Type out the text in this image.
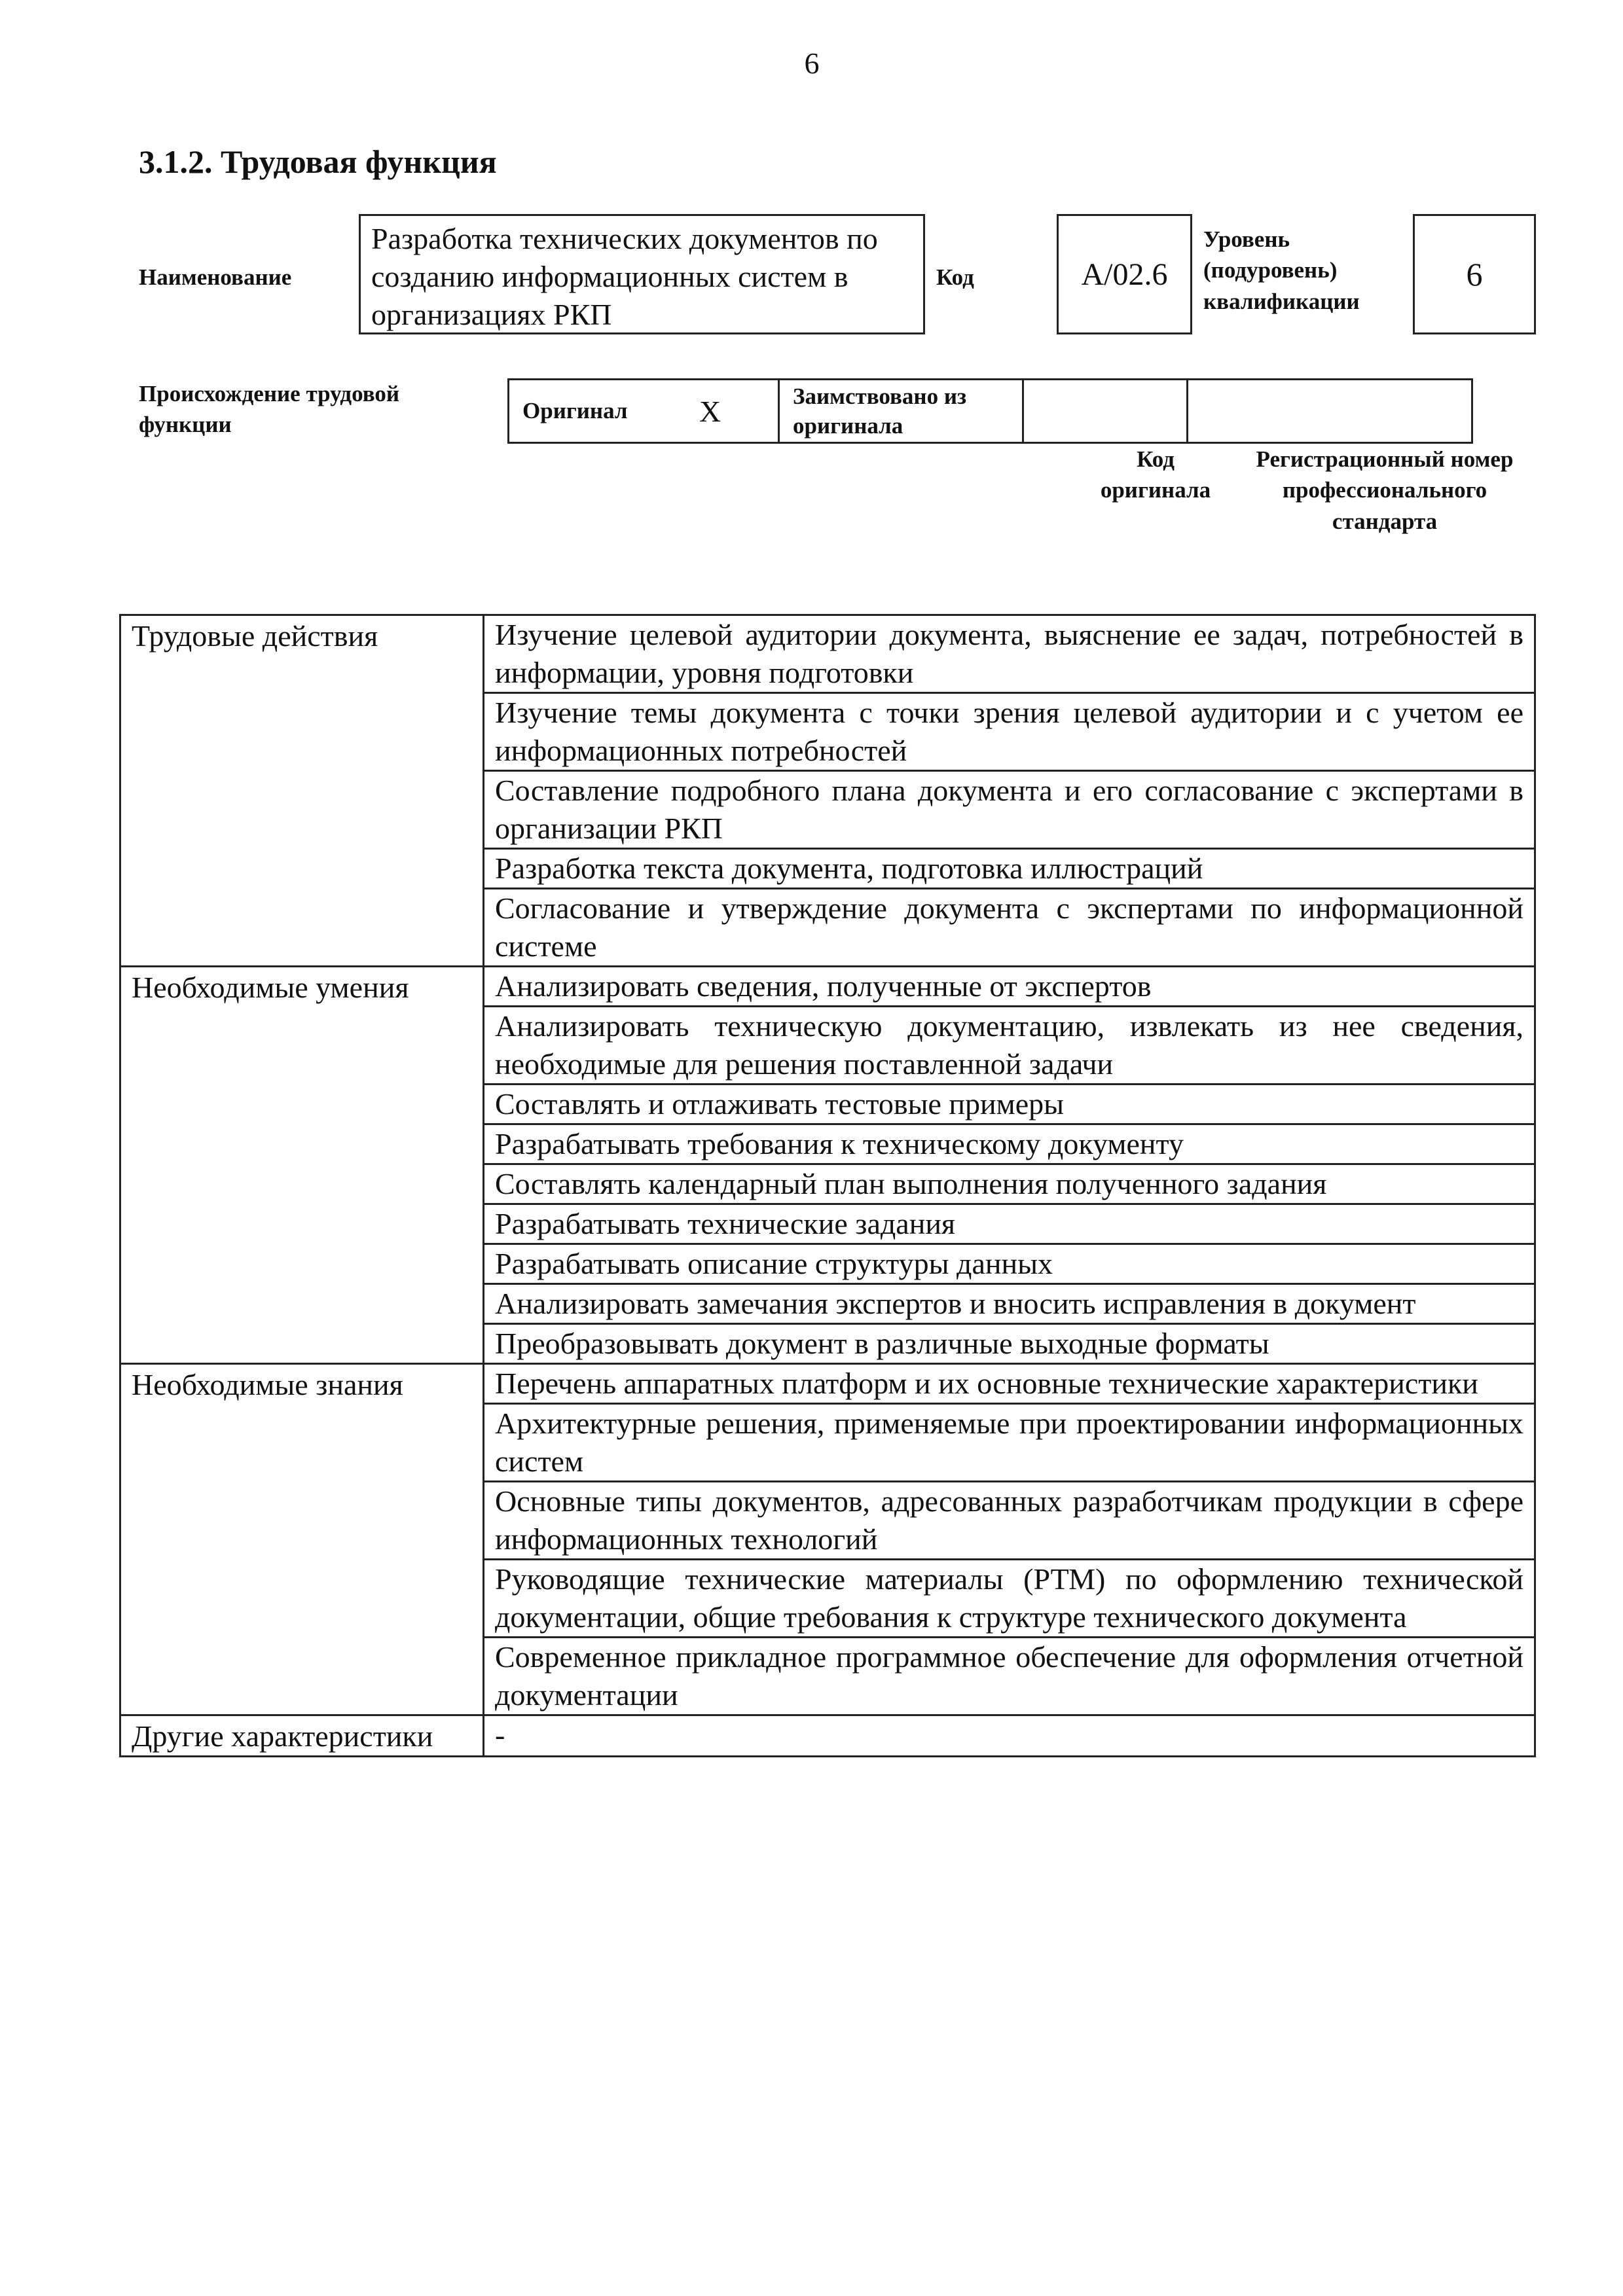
6
3.1.2. Трудовая функция
Наименование
Разработка технических документов по созданию информационных систем в организациях РКП
Код	А/02.6
Уровень (подуровень) квалификации
6
Происхождение трудовой функции
Оригинал	Х	Заимствовано из оригинала		
Код оригинала
Регистрационный номер профессионального стандарта
Трудовые действия	Изучение целевой аудитории документа, выяснение ее задач, потребностей в информации, уровня подготовки
	Изучение темы документа с точки зрения целевой аудитории и с учетом ее информационных потребностей
	Составление подробного плана документа и его согласование с экспертами в организации РКП
	Разработка текста документа, подготовка иллюстраций
	Согласование и утверждение документа с экспертами по информационной системе
Необходимые умения	Анализировать сведения, полученные от экспертов
	Анализировать техническую документацию, извлекать из нее сведения, необходимые для решения поставленной задачи
	Составлять и отлаживать тестовые примеры
	Разрабатывать требования к техническому документу
	Составлять календарный план выполнения полученного задания
	Разрабатывать технические задания
	Разрабатывать описание структуры данных
	Анализировать замечания экспертов и вносить исправления в документ
	Преобразовывать документ в различные выходные форматы
Необходимые знания	Перечень аппаратных платформ и их основные технические характеристики
	Архитектурные решения, применяемые при проектировании информационных систем
	Основные типы документов, адресованных разработчикам продукции в сфере информационных технологий
	Руководящие технические материалы (РТМ) по оформлению технической документации, общие требования к структуре технического документа
	Современное прикладное программное обеспечение для оформления отчетной документации
Другие характеристики	-
